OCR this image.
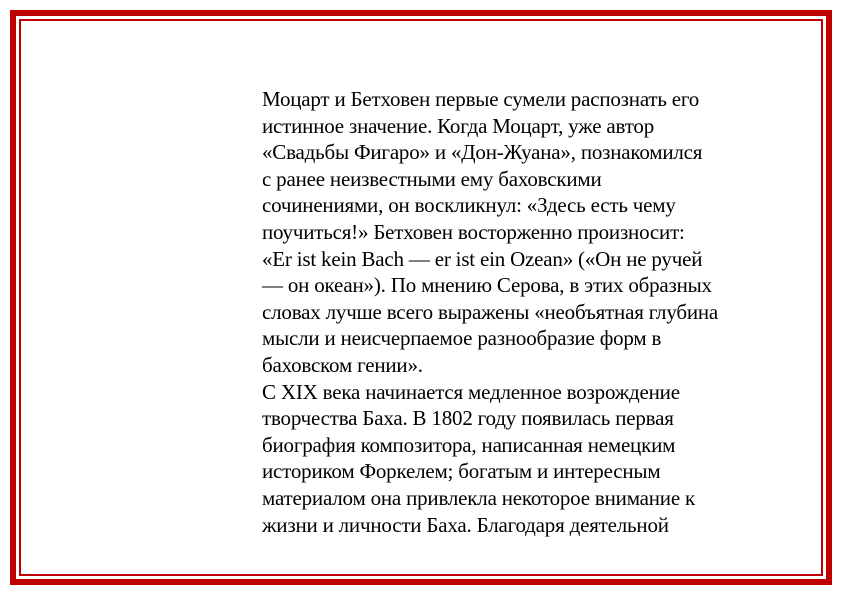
Моцарт и Бетховен первые сумели распознать его
истинное значение. Когда Моцарт, уже автор
«Свадьбы Фигаро» и «Дон-Жуана», познакомился
с ранее неизвестными ему баховскими
сочинениями, он воскликнул: «Здесь есть чему
поучиться!» Бетховен восторженно произносит:
«Er ist kein Bach — er ist ein Ozean» («Он не ручей
— он океан»). По мнению Серова, в этих образных
словах лучше всего выражены «необъятная глубина
мысли и неисчерпаемое разнообразие форм в
баховском гении».
С XIX века начинается медленное возрождение
творчества Баха. В 1802 году появилась первая
биография композитора, написанная немецким
историком Форкелем; богатым и интересным
материалом она привлекла некоторое внимание к
жизни и личности Баха. Благодаря деятельной
